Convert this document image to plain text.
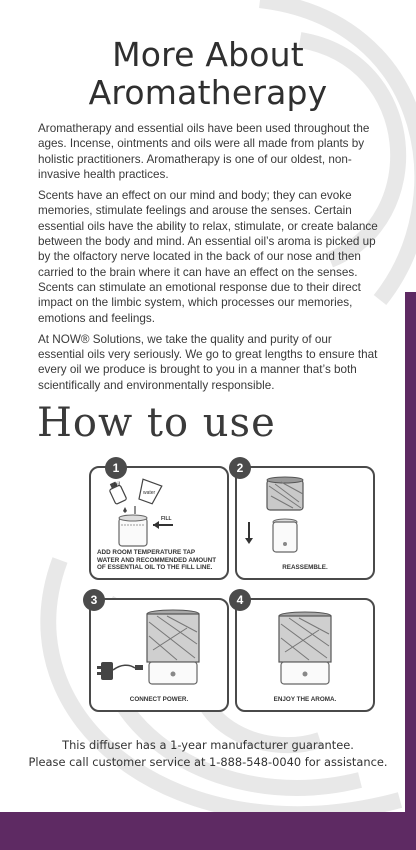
More About
Aromatherapy

Aromatherapy and essential oils have been used throughout the ages. Incense, ointments and oils were all made from plants by holistic practitioners. Aromatherapy is one of our oldest, non-invasive health practices.

Scents have an effect on our mind and body; they can evoke memories, stimulate feelings and arouse the senses. Certain essential oils have the ability to relax, stimulate, or create balance between the body and mind. An essential oil’s aroma is picked up by the olfactory nerve located in the back of our nose and then carried to the brain where it can have an effect on the senses. Scents can stimulate an emotional response due to their direct impact on the limbic system, which processes our memories, emotions and feelings.

At NOW® Solutions, we take the quality and purity of our essential oils very seriously. We go to great lengths to ensure that every oil we produce is brought to you in a manner that’s both scientifically and environmentally responsible.

How to use
1
oil
water
FILL
ADD ROOM TEMPERATURE TAP WATER AND RECOMMENDED AMOUNT OF ESSENTIAL OIL TO THE FILL LINE.
2
REASSEMBLE.
3
CONNECT POWER.
4
ENJOY THE AROMA.
This diffuser has a 1-year manufacturer guarantee.
Please call customer service at 1-888-548-0040 for assistance.
